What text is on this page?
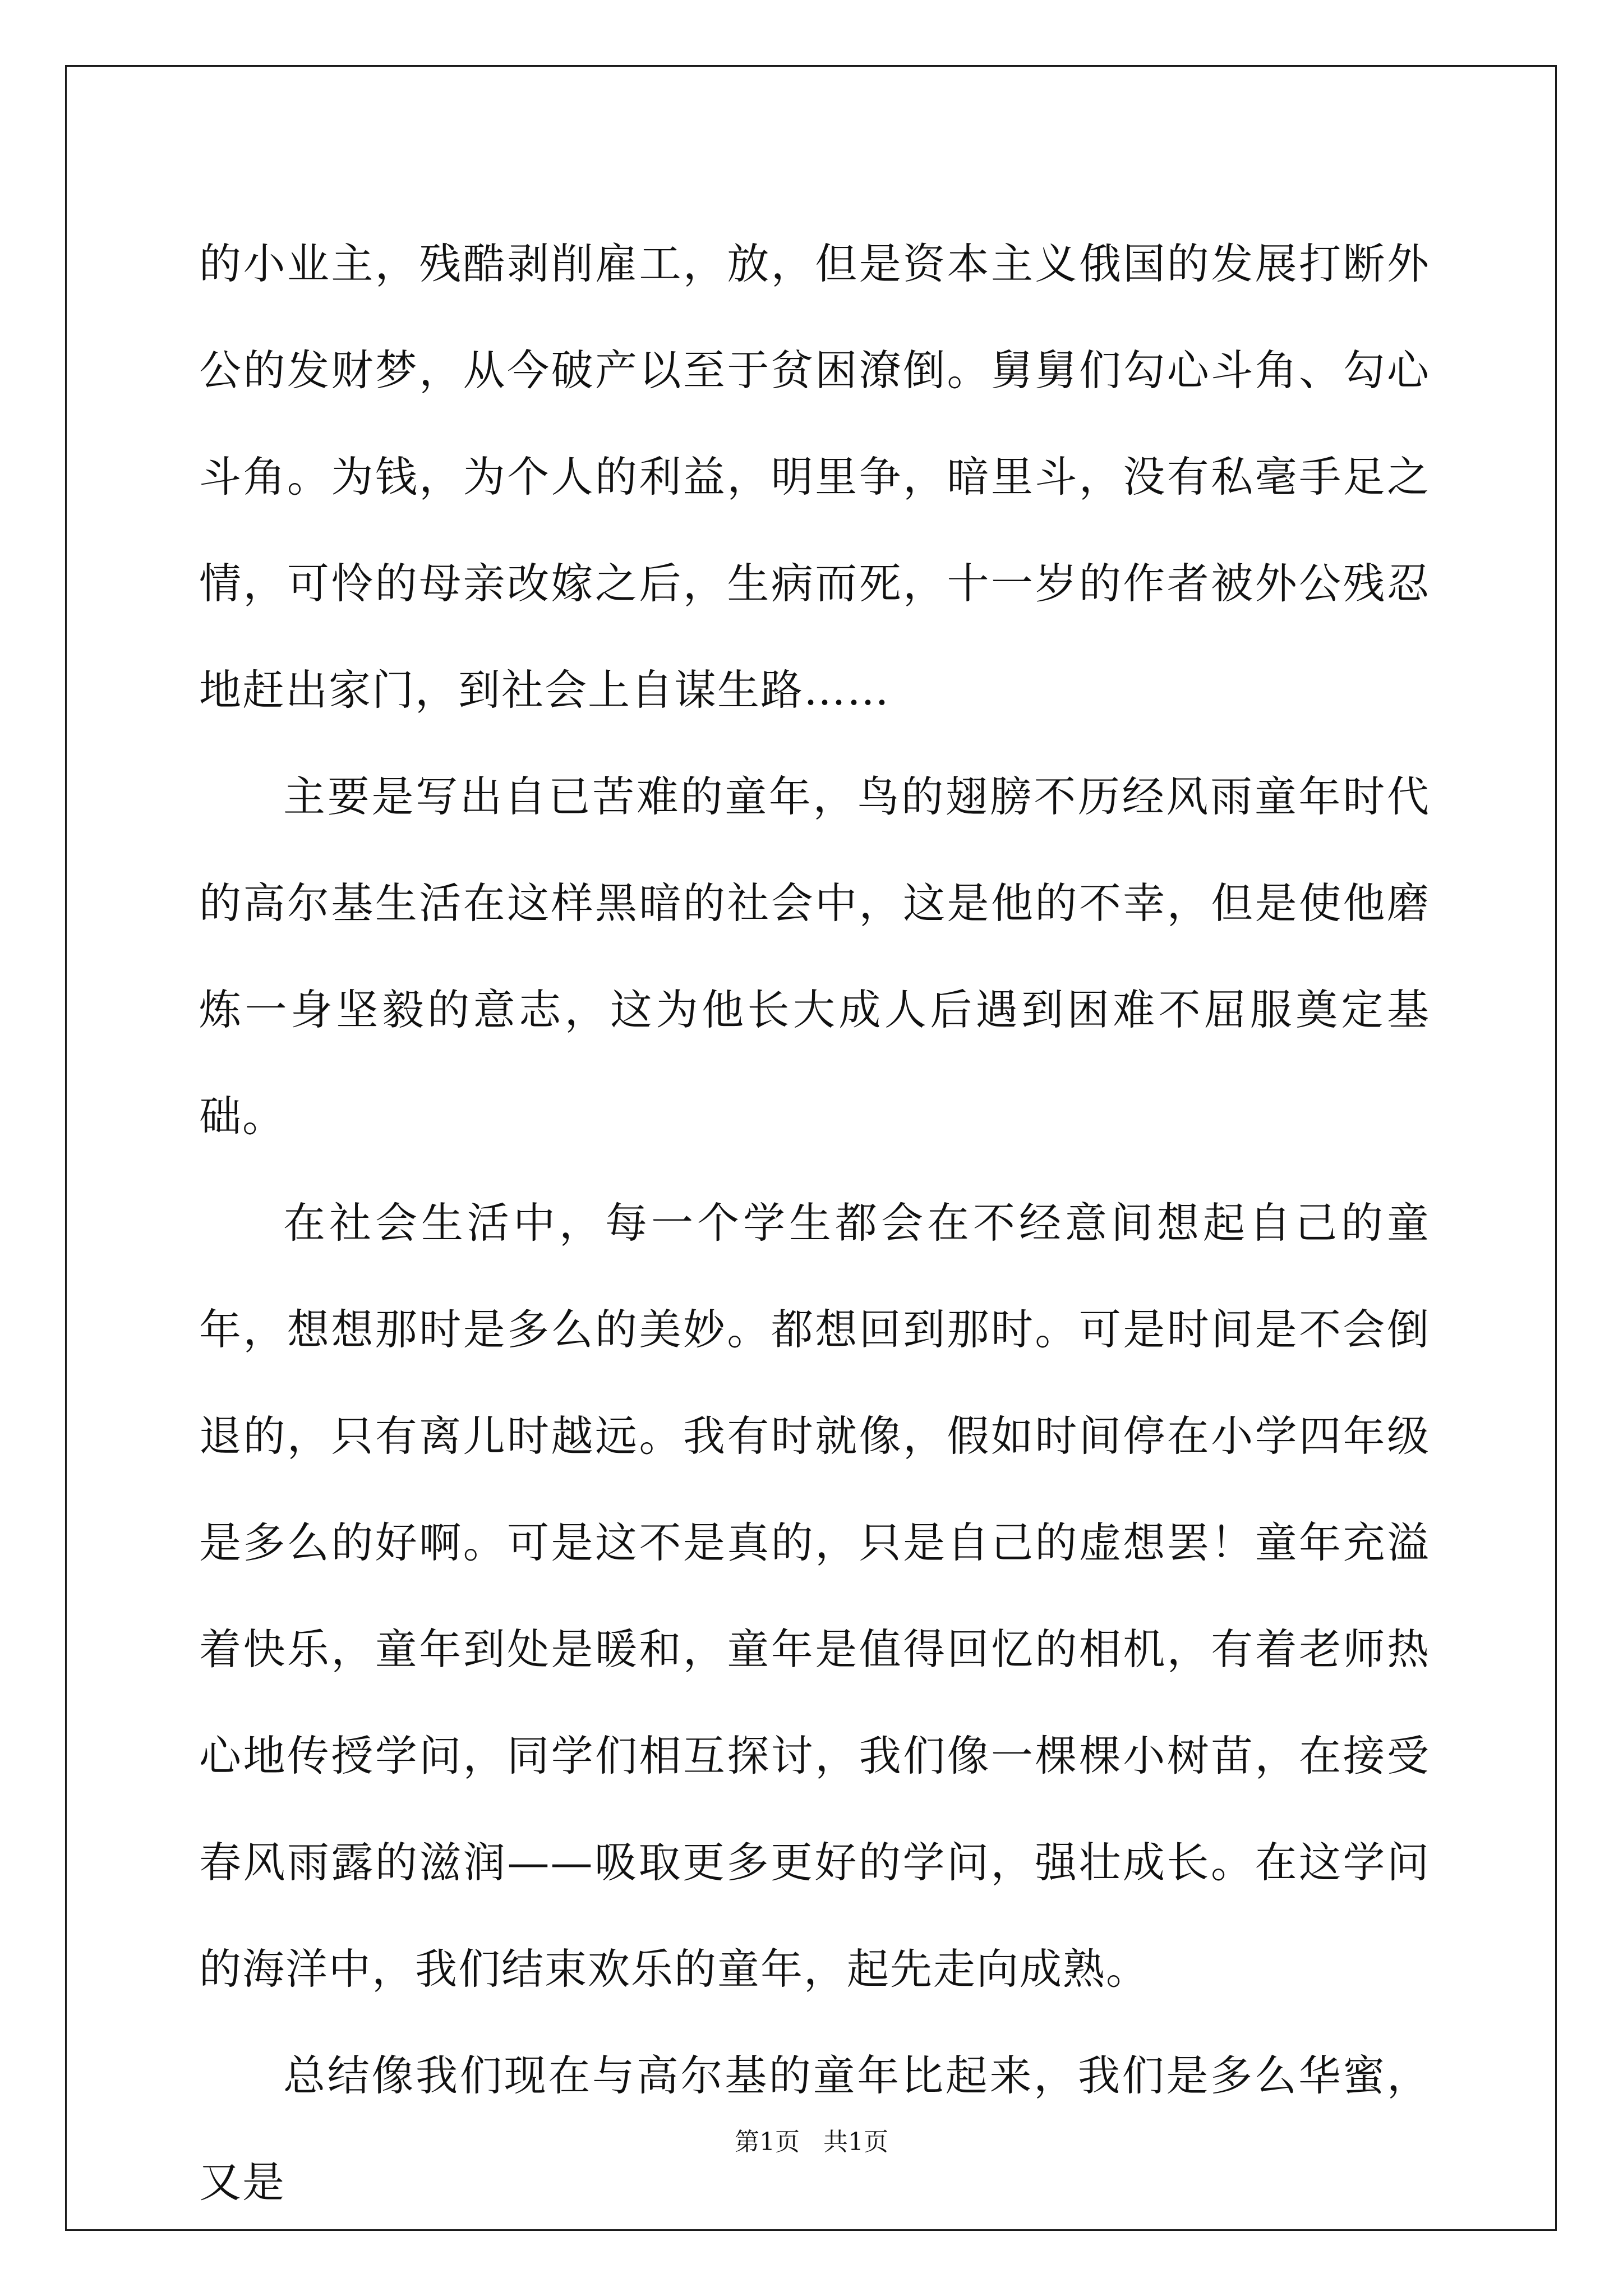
的小业主，残酷剥削雇工，放，但是资本主义俄国的发展打断外公的发财梦，从今破产以至于贫困潦倒。舅舅们勾心斗角、勾心斗角。为钱，为个人的利益，明里争，暗里斗，没有私毫手足之情，可怜的母亲改嫁之后，生病而死，十一岁的作者被外公残忍地赶出家门，到社会上自谋生路……

主要是写出自已苦难的童年，鸟的翅膀不历经风雨童年时代的高尔基生活在这样黑暗的社会中，这是他的不幸，但是使他磨炼一身坚毅的意志，这为他长大成人后遇到困难不屈服奠定基础。

在社会生活中，每一个学生都会在不经意间想起自己的童年，想想那时是多么的美妙。都想回到那时。可是时间是不会倒退的，只有离儿时越远。我有时就像，假如时间停在小学四年级是多么的好啊。可是这不是真的，只是自己的虚想罢！童年充溢着快乐，童年到处是暖和，童年是值得回忆的相机，有着老师热心地传授学问，同学们相互探讨，我们像一棵棵小树苗，在接受春风雨露的滋润——吸取更多更好的学问，强壮成长。在这学问的海洋中，我们结束欢乐的童年，起先走向成熟。

总结像我们现在与高尔基的童年比起来，我们是多么华蜜，又是

第1页   共1页
